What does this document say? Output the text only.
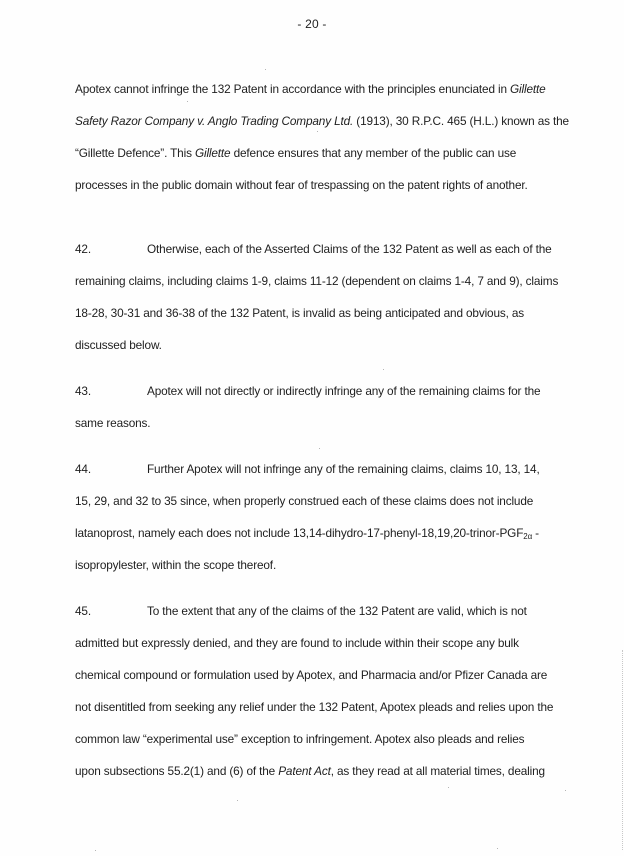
- 20 -
Apotex cannot infringe the 132 Patent in accordance with the principles enunciated in Gillette
Safety Razor Company v. Anglo Trading Company Ltd. (1913), 30 R.P.C. 465 (H.L.) known as the
“Gillette Defence”. This Gillette defence ensures that any member of the public can use
processes in the public domain without fear of trespassing on the patent rights of another.
42.	Otherwise, each of the Asserted Claims of the 132 Patent as well as each of the
remaining claims, including claims 1-9, claims 11-12 (dependent on claims 1-4, 7 and 9), claims
18-28, 30-31 and 36-38 of the 132 Patent, is invalid as being anticipated and obvious, as
discussed below.
43.	Apotex will not directly or indirectly infringe any of the remaining claims for the
same reasons.
44.	Further Apotex will not infringe any of the remaining claims, claims 10, 13, 14,
15, 29, and 32 to 35 since, when properly construed each of these claims does not include
latanoprost, namely each does not include $13,14-dihydro-17-phenyl-18,19,20-trinor-PGF_{2\alpha}$ -
isopropylester, within the scope thereof.
45.	To the extent that any of the claims of the 132 Patent are valid, which is not
admitted but expressly denied, and they are found to include within their scope any bulk
chemical compound or formulation used by Apotex, and Pharmacia and/or Pfizer Canada are
not disentitled from seeking any relief under the 132 Patent, Apotex pleads and relies upon the
common law “experimental use” exception to infringement. Apotex also pleads and relies
upon subsections 55.2(1) and (6) of the Patent Act, as they read at all material times, dealing
